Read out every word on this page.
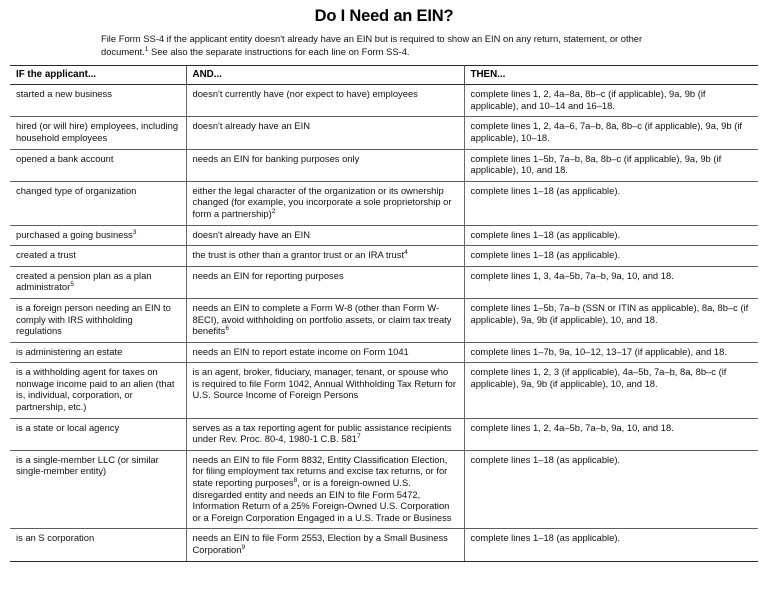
Do I Need an EIN?

File Form SS-4 if the applicant entity doesn't already have an EIN but is required to show an EIN on any return, statement, or other document.$^1$ See also the separate instructions for each line on Form SS-4.

IF the applicant...	AND...	THEN...
started a new business	doesn't currently have (nor expect to have) employees	complete lines 1, 2, 4a–8a, 8b–c (if applicable), 9a, 9b (if applicable), and 10–14 and 16–18.
hired (or will hire) employees, including household employees	doesn't already have an EIN	complete lines 1, 2, 4a–6, 7a–b, 8a, 8b–c (if applicable), 9a, 9b (if applicable), 10–18.
opened a bank account	needs an EIN for banking purposes only	complete lines 1–5b, 7a–b, 8a, 8b–c (if applicable), 9a, 9b (if applicable), 10, and 18.
changed type of organization	either the legal character of the organization or its ownership changed (for example, you incorporate a sole proprietorship or form a partnership)$^2$	complete lines 1–18 (as applicable).
purchased a going business$^3$	doesn't already have an EIN	complete lines 1–18 (as applicable).
created a trust	the trust is other than a grantor trust or an IRA trust$^4$	complete lines 1–18 (as applicable).
created a pension plan as a plan administrator$^5$	needs an EIN for reporting purposes	complete lines 1, 3, 4a–5b, 7a–b, 9a, 10, and 18.
is a foreign person needing an EIN to comply with IRS withholding regulations	needs an EIN to complete a Form W-8 (other than Form W-8ECI), avoid withholding on portfolio assets, or claim tax treaty benefits$^6$	complete lines 1–5b, 7a–b (SSN or ITIN as applicable), 8a, 8b–c (if applicable), 9a, 9b (if applicable), 10, and 18.
is administering an estate	needs an EIN to report estate income on Form 1041	complete lines 1–7b, 9a, 10–12, 13–17 (if applicable), and 18.
is a withholding agent for taxes on nonwage income paid to an alien (that is, individual, corporation, or partnership, etc.)	is an agent, broker, fiduciary, manager, tenant, or spouse who is required to file Form 1042, Annual Withholding Tax Return for U.S. Source Income of Foreign Persons	complete lines 1, 2, 3 (if applicable), 4a–5b, 7a–b, 8a, 8b–c (if applicable), 9a, 9b (if applicable), 10, and 18.
is a state or local agency	serves as a tax reporting agent for public assistance recipients under Rev. Proc. 80-4, 1980-1 C.B. $581^7$	complete lines 1, 2, 4a–5b, 7a–b, 9a, 10, and 18.
is a single-member LLC (or similar single-member entity)	needs an EIN to file Form 8832, Entity Classification Election, for filing employment tax returns and excise tax returns, or for state reporting purposes$^8$, or is a foreign-owned U.S. disregarded entity and needs an EIN to file Form 5472, Information Return of a 25% Foreign-Owned U.S. Corporation or a Foreign Corporation Engaged in a U.S. Trade or Business	complete lines 1–18 (as applicable).
is an S corporation	needs an EIN to file Form 2553, Election by a Small Business Corporation$^9$	complete lines 1–18 (as applicable).
